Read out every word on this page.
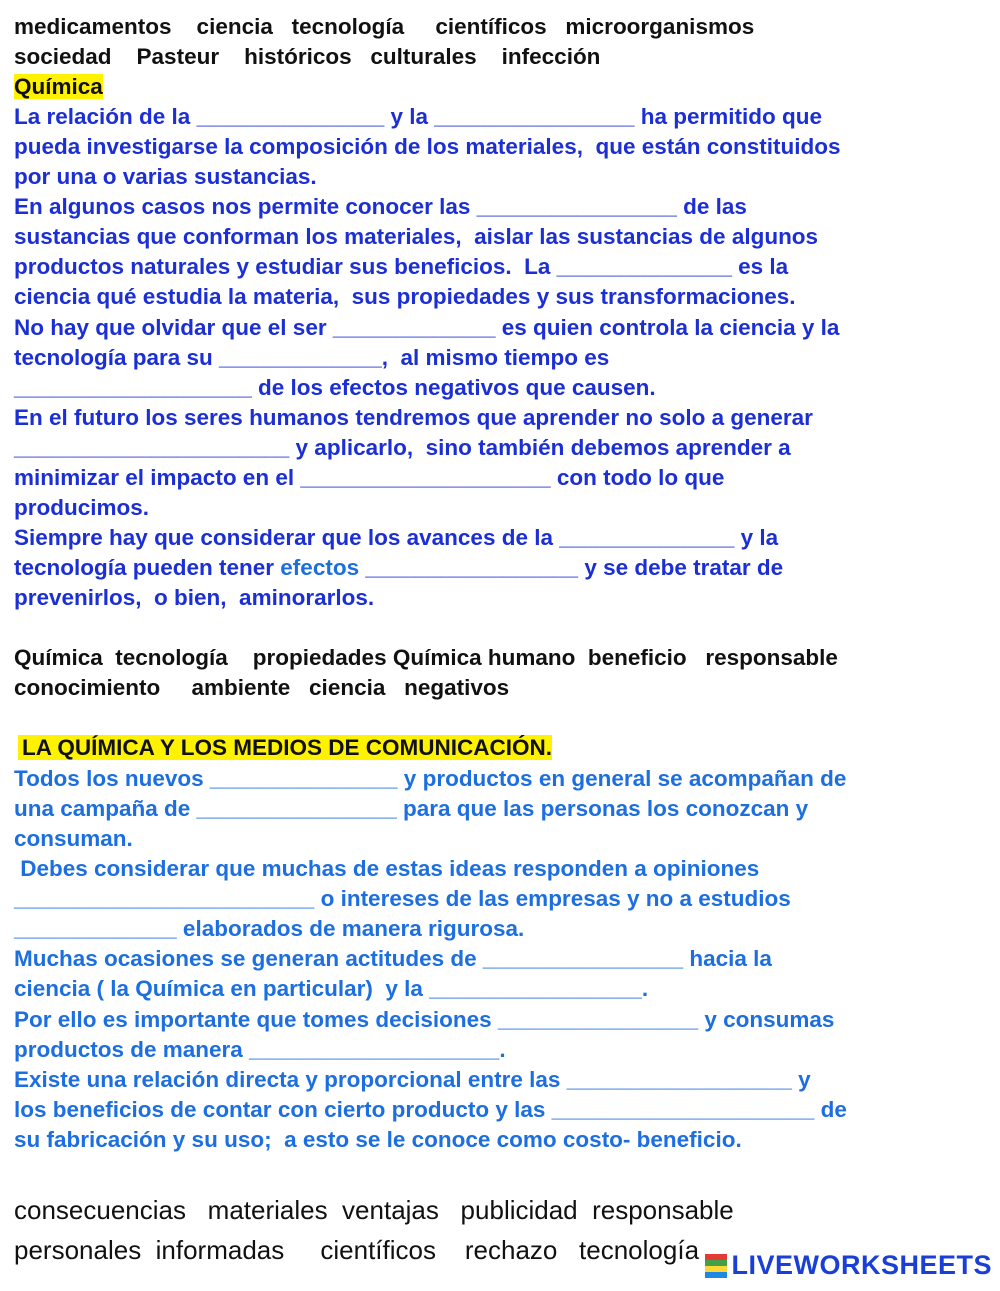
medicamentos    ciencia   tecnología     científicos   microorganismos
sociedad    Pasteur    históricos   culturales    infección
Química
La relación de la _______________ y la ________________ ha permitido que
pueda investigarse la composición de los materiales,  que están constituidos
por una o varias sustancias.
En algunos casos nos permite conocer las ________________ de las
sustancias que conforman los materiales,  aislar las sustancias de algunos
productos naturales y estudiar sus beneficios.  La ______________ es la
ciencia qué estudia la materia,  sus propiedades y sus transformaciones.
No hay que olvidar que el ser _____________ es quien controla la ciencia y la
tecnología para su _____________,  al mismo tiempo es
___________________ de los efectos negativos que causen.
En el futuro los seres humanos tendremos que aprender no solo a generar
______________________ y aplicarlo,  sino también debemos aprender a
minimizar el impacto en el ____________________ con todo lo que
producimos.
Siempre hay que considerar que los avances de la ______________ y la
tecnología pueden tener efectos _________________ y se debe tratar de
prevenirlos,  o bien,  aminorarlos.
Química  tecnología    propiedades Química humano  beneficio   responsable
conocimiento     ambiente   ciencia   negativos
LA QUÍMICA Y LOS MEDIOS DE COMUNICACIÓN.
Todos los nuevos _______________ y productos en general se acompañan de
una campaña de ________________ para que las personas los conozcan y
consuman.
Debes considerar que muchas de estas ideas responden a opiniones
________________________ o intereses de las empresas y no a estudios
_____________ elaborados de manera rigurosa.
Muchas ocasiones se generan actitudes de ________________ hacia la
ciencia ( la Química en particular)  y la _________________.
Por ello es importante que tomes decisiones ________________ y consumas
productos de manera ____________________.
Existe una relación directa y proporcional entre las __________________ y
los beneficios de contar con cierto producto y las _____________________ de
su fabricación y su uso;  a esto se le conoce como costo- beneficio.
consecuencias   materiales  ventajas   publicidad  responsable
personales  informadas     científicos    rechazo   tecnología LIVEWORKSHEETS
